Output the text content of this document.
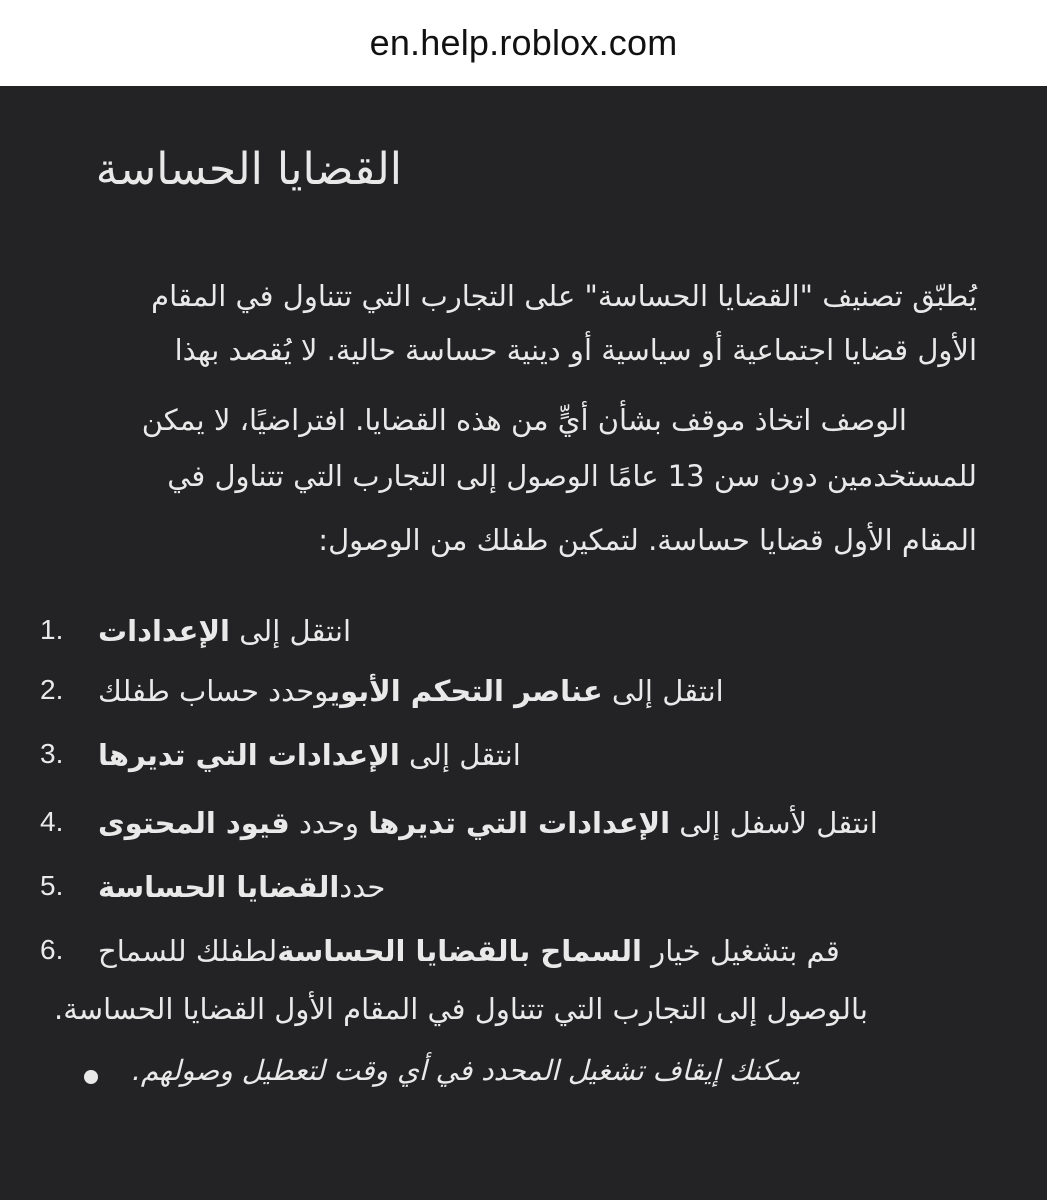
en.help.roblox.com
القضايا الحساسة

يُطبّق تصنيف "القضايا الحساسة" على التجارب التي تتناول في المقام

الأول قضايا اجتماعية أو سياسية أو دينية حساسة حالية. لا يُقصد بهذا

الوصف اتخاذ موقف بشأن أيٍّ من هذه القضايا. افتراضيًا، لا يمكن

للمستخدمين دون سن 13 عامًا الوصول إلى التجارب التي تتناول في

المقام الأول قضايا حساسة. لتمكين طفلك من الوصول:

1.	انتقل إلى الإعدادات
2.	انتقل إلى عناصر التحكم الأبويوحدد حساب طفلك
3.	انتقل إلى الإعدادات التي تديرها
4.	انتقل لأسفل إلى الإعدادات التي تديرها وحدد قيود المحتوى
5.	حددالقضايا الحساسة
6.	قم بتشغيل خيار السماح بالقضايا الحساسةلطفلك للسماح
بالوصول إلى التجارب التي تتناول في المقام الأول القضايا الحساسة.
يمكنك إيقاف تشغيل المحدد في أي وقت لتعطيل وصولهم.
